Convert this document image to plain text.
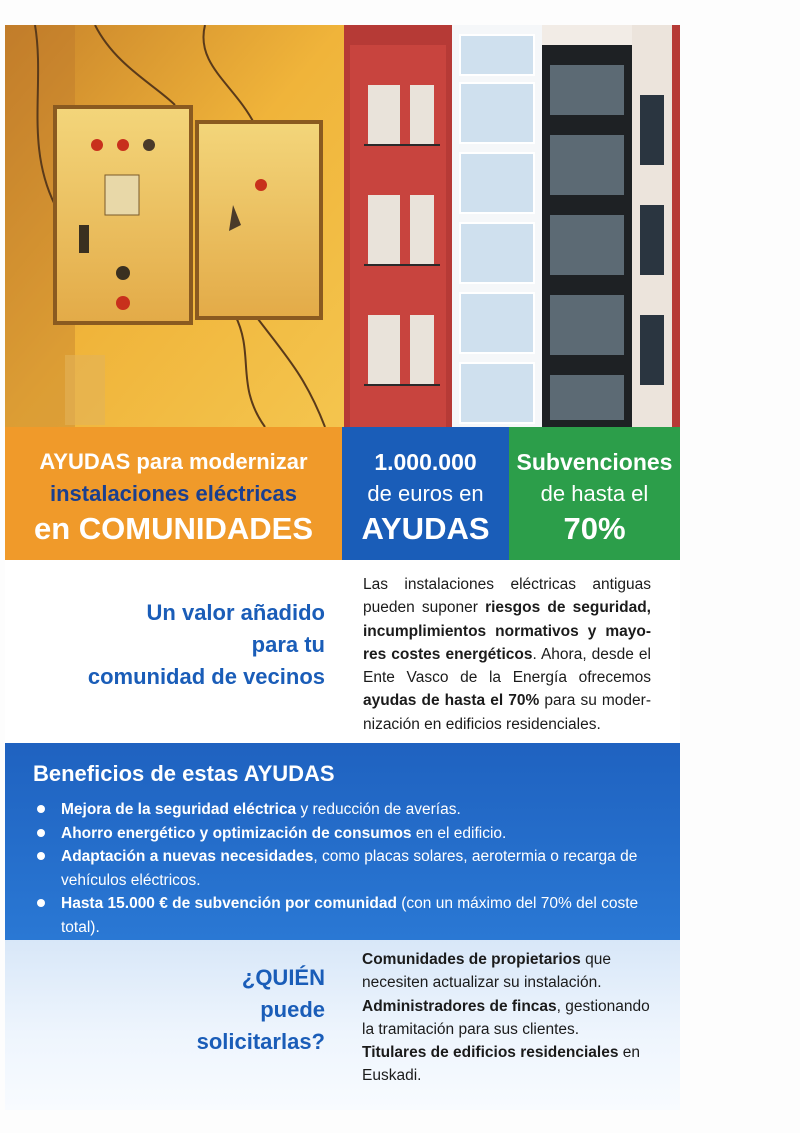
AYUDAS para modernizar
instalaciones eléctricas
en COMUNIDADES
1.000.000
de euros en
AYUDAS
Subvenciones
de hasta el
70%
Un valor añadido
para tu
comunidad de vecinos
Las instalaciones eléctricas antiguas pueden suponer riesgos de seguridad, incumplimientos normativos y mayores costes energéticos. Ahora, desde el Ente Vasco de la Energía ofrecemos ayudas de hasta el 70% para su modernización en edificios residenciales.
Beneficios de estas AYUDAS
Mejora de la seguridad eléctrica y reducción de averías.
Ahorro energético y optimización de consumos en el edificio.
Adaptación a nuevas necesidades, como placas solares, aerotermia o recarga de vehículos eléctricos.
Hasta 15.000 € de subvención por comunidad (con un máximo del 70% del coste total).
¿QUIÉN
puede
solicitarlas?
Comunidades de propietarios que necesiten actualizar su instalación.
Administradores de fincas, gestionando la tramitación para sus clientes.
Titulares de edificios residenciales en Euskadi.
